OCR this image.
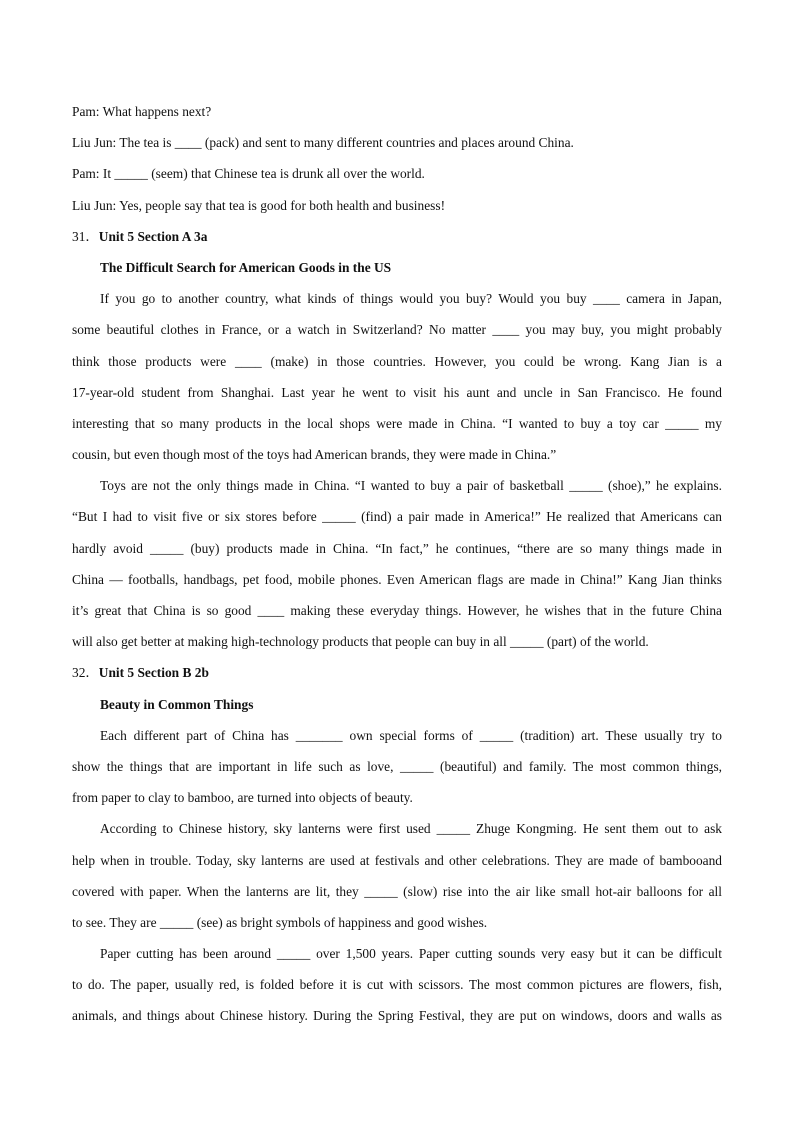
Pam: What happens next?
Liu Jun: The tea is ____ (pack) and sent to many different countries and places around China.
Pam: It _____ (seem) that Chinese tea is drunk all over the world.
Liu Jun: Yes, people say that tea is good for both health and business!
31．Unit 5 Section A 3a
The Difficult Search for American Goods in the US
If you go to another country, what kinds of things would you buy? Would you buy ____ camera in Japan,
some beautiful clothes in France, or a watch in Switzerland? No matter ____ you may buy, you might probably
think those products were ____ (make) in those countries. However, you could be wrong. Kang Jian is a
17-year-old student from Shanghai. Last year he went to visit his aunt and uncle in San Francisco. He found
interesting that so many products in the local shops were made in China. “I wanted to buy a toy car _____ my
cousin, but even though most of the toys had American brands, they were made in China.”
Toys are not the only things made in China. “I wanted to buy a pair of basketball _____ (shoe),” he explains.
“But I had to visit five or six stores before _____ (find) a pair made in America!” He realized that Americans can
hardly avoid _____ (buy) products made in China. “In fact,” he continues, “there are so many things made in
China — footballs, handbags, pet food, mobile phones. Even American flags are made in China!” Kang Jian thinks
it’s great that China is so good ____ making these everyday things. However, he wishes that in the future China
will also get better at making high-technology products that people can buy in all _____ (part) of the world.
32．Unit 5 Section B 2b
Beauty in Common Things
Each different part of China has _______ own special forms of _____ (tradition) art. These usually try to
show the things that are important in life such as love, _____ (beautiful) and family. The most common things,
from paper to clay to bamboo, are turned into objects of beauty.
According to Chinese history, sky lanterns were first used _____ Zhuge Kongming. He sent them out to ask
help when in trouble. Today, sky lanterns are used at festivals and other celebrations. They are made of bambooand
covered with paper. When the lanterns are lit, they _____ (slow) rise into the air like small hot-air balloons for all
to see. They are _____ (see) as bright symbols of happiness and good wishes.
Paper cutting has been around _____ over 1,500 years. Paper cutting sounds very easy but it can be difficult
to do. The paper, usually red, is folded before it is cut with scissors. The most common pictures are flowers, fish,
animals, and things about Chinese history. During the Spring Festival, they are put on windows, doors and walls as
